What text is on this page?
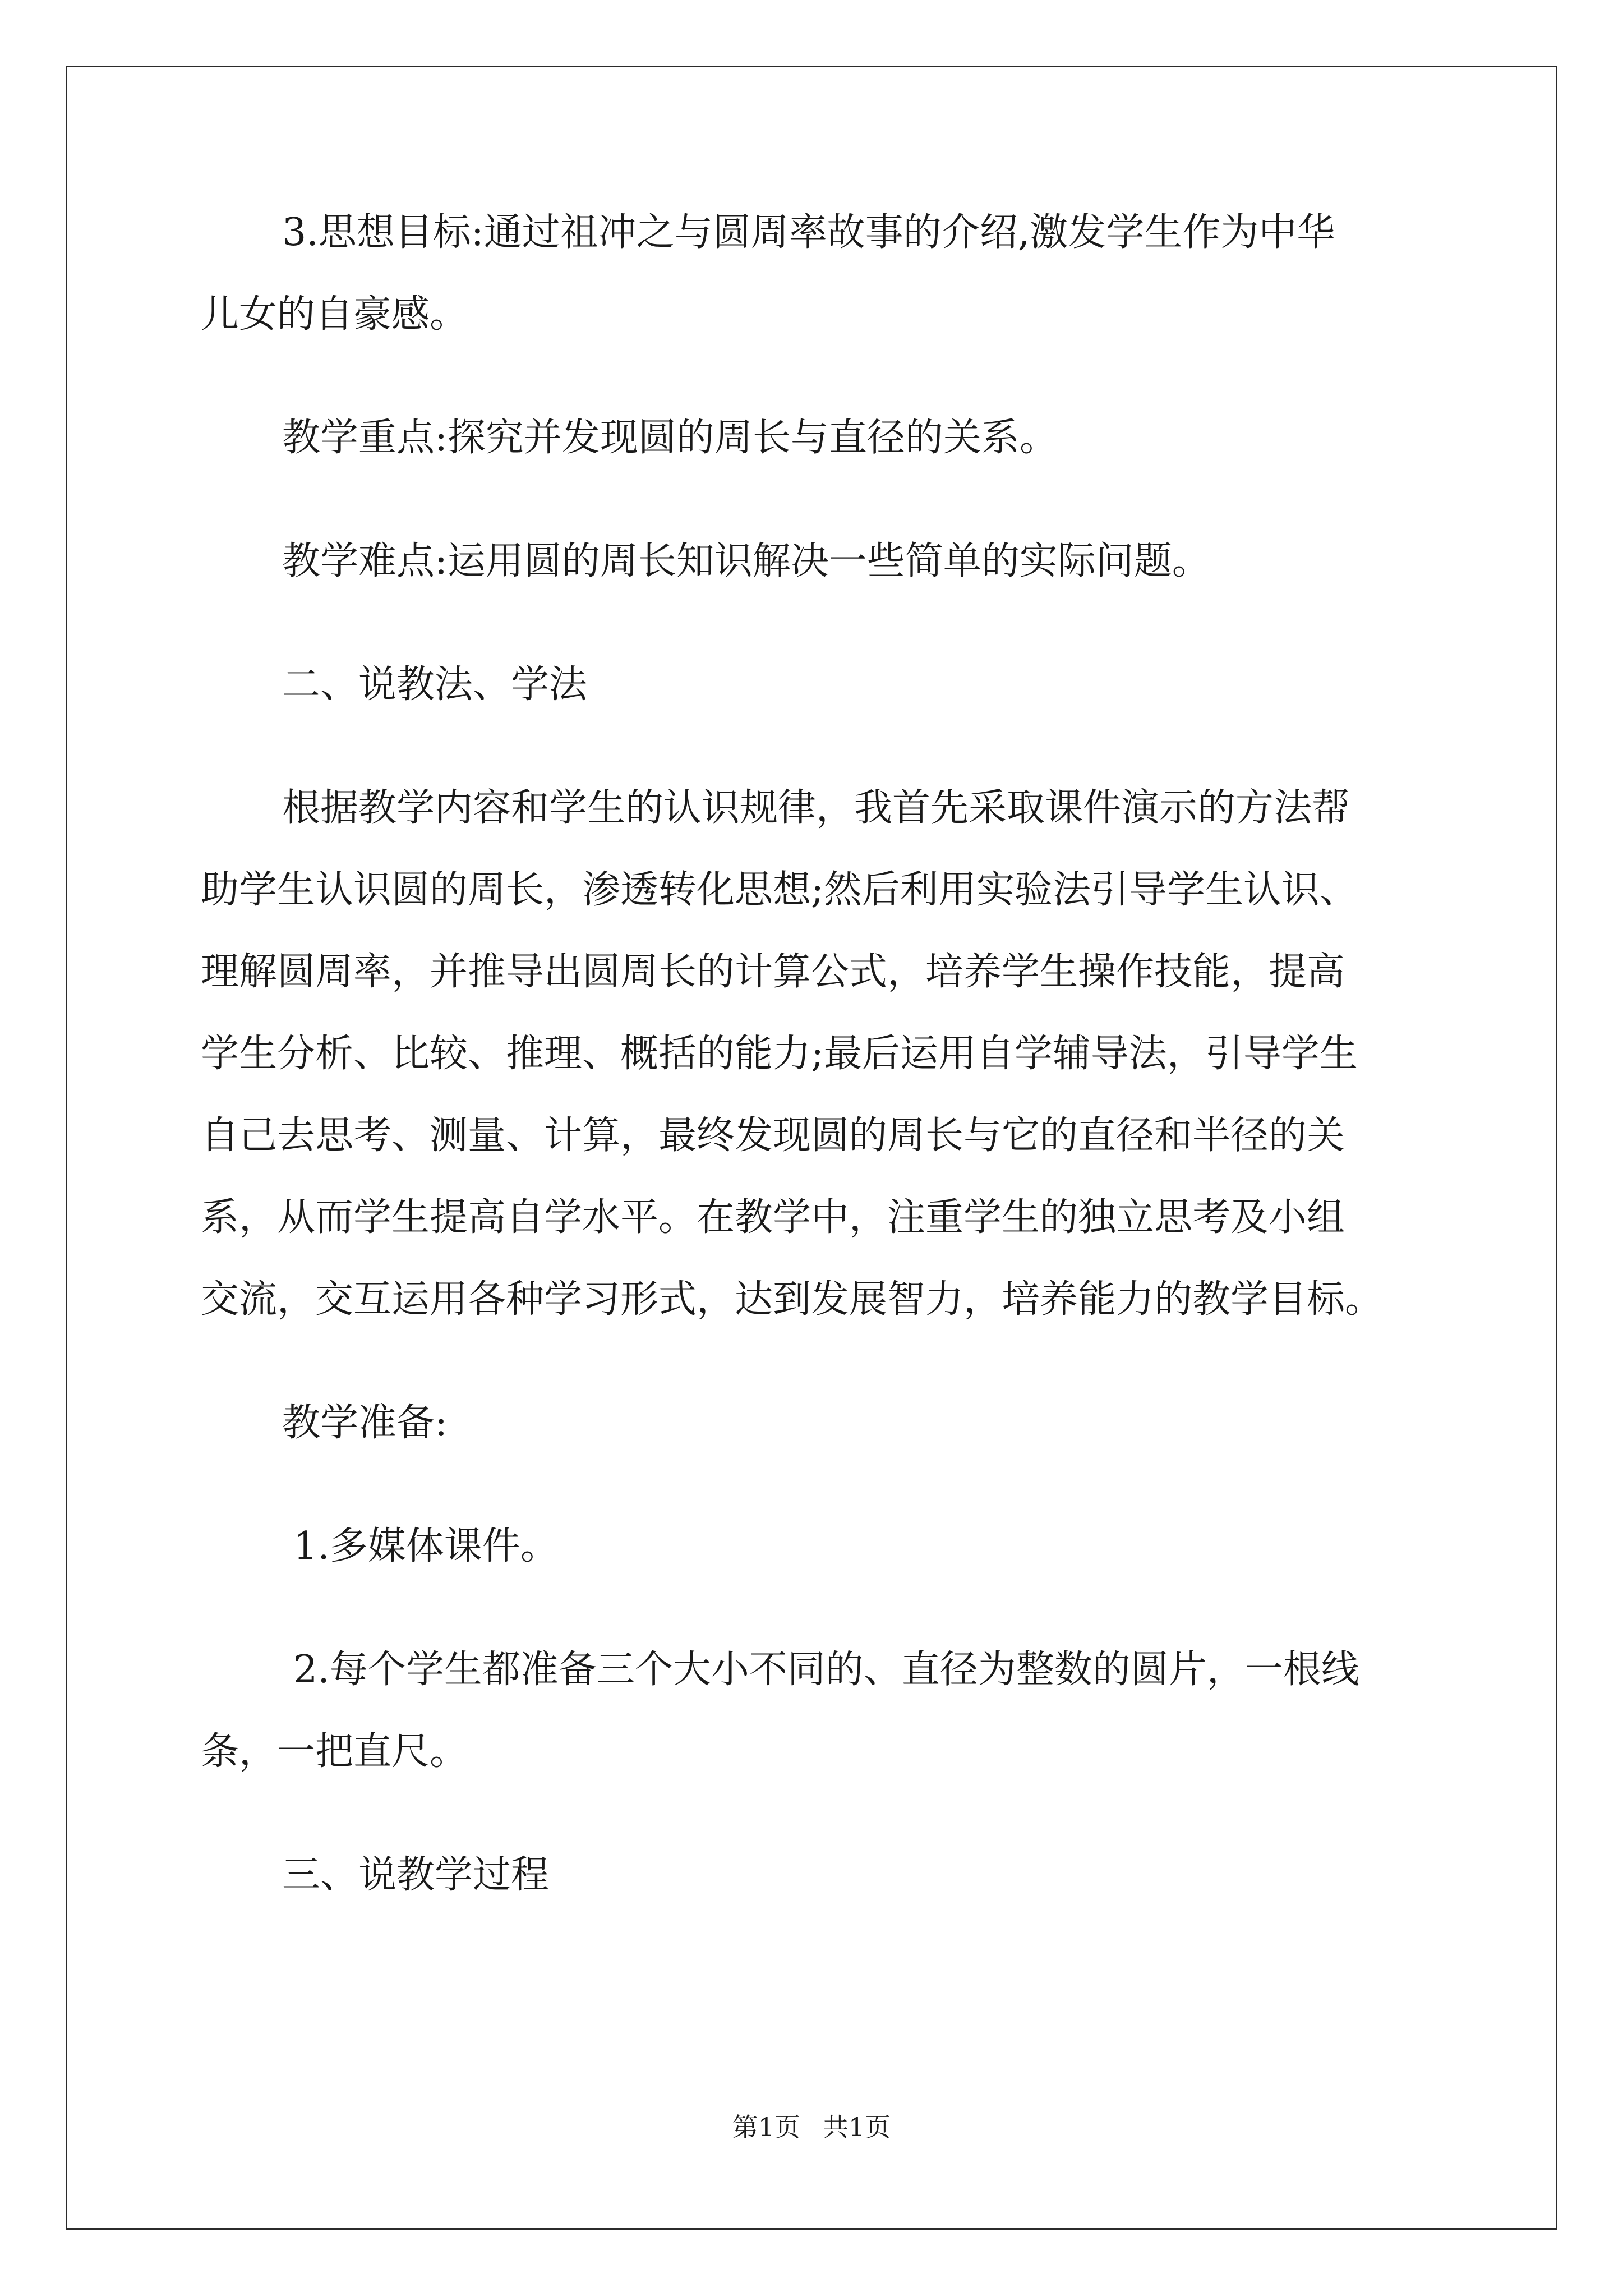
3.思想目标:通过祖冲之与圆周率故事的介绍,激发学生作为中华
儿女的自豪感。
教学重点:探究并发现圆的周长与直径的关系。
教学难点:运用圆的周长知识解决一些简单的实际问题。
二、说教法、学法
根据教学内容和学生的认识规律，我首先采取课件演示的方法帮
助学生认识圆的周长，渗透转化思想;然后利用实验法引导学生认识、
理解圆周率，并推导出圆周长的计算公式，培养学生操作技能，提高
学生分析、比较、推理、概括的能力;最后运用自学辅导法，引导学生
自己去思考、测量、计算，最终发现圆的周长与它的直径和半径的关
系，从而学生提高自学水平。在教学中，注重学生的独立思考及小组
交流，交互运用各种学习形式，达到发展智力，培养能力的教学目标。
教学准备:
1.多媒体课件。
2.每个学生都准备三个大小不同的、直径为整数的圆片，一根线
条，一把直尺。
三、说教学过程
第1页 共1页
